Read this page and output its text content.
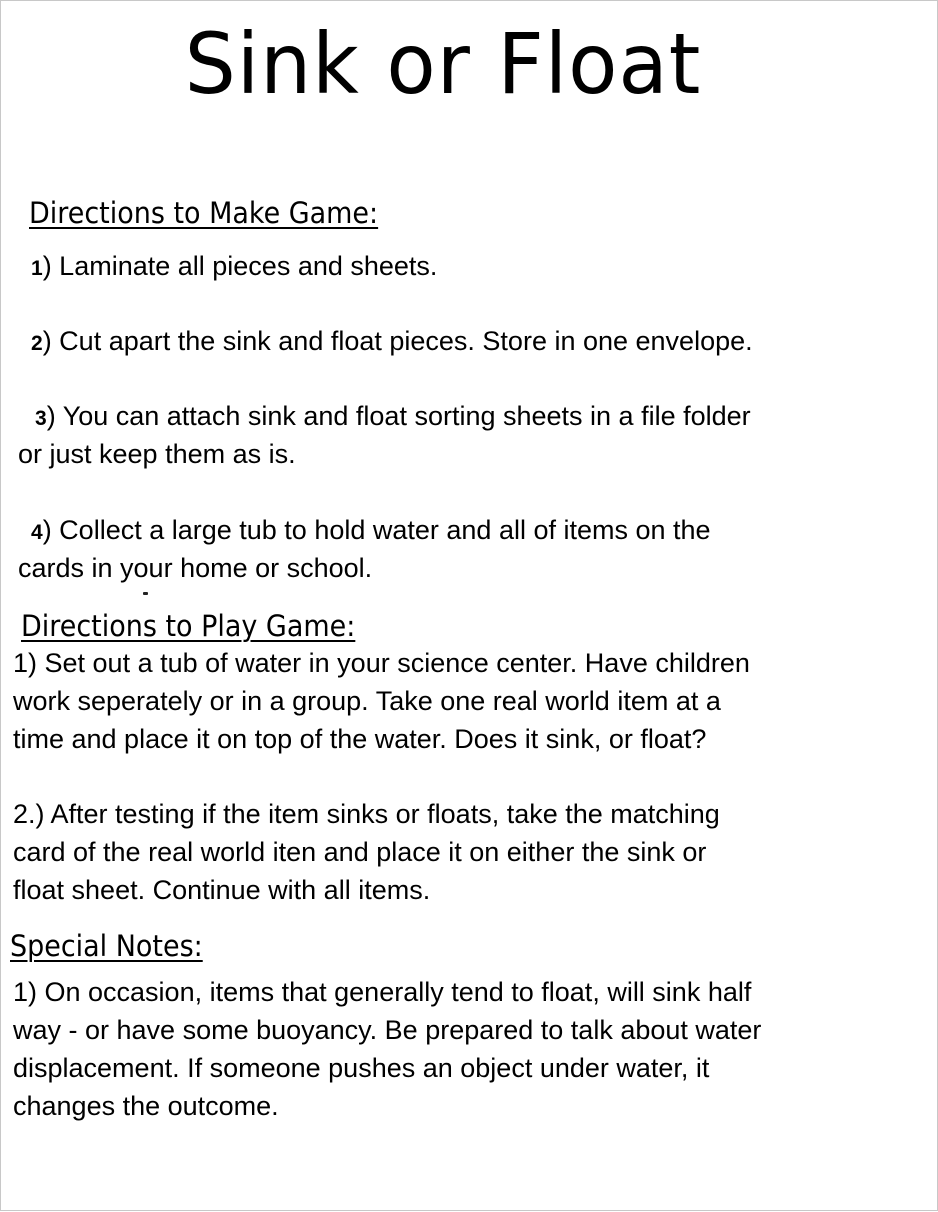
Sink or Float
Directions to Make Game:
1) Laminate all pieces and sheets.
2) Cut apart the sink and float pieces. Store in one envelope.
3) You can attach sink and float sorting sheets in a file folder
or just keep them as is.
4) Collect a large tub to hold water and all of items on the
cards in your home or school.
Directions to Play Game:
1) Set out a tub of water in your science center. Have children
work seperately or in a group. Take one real world item at a
time and place it on top of the water. Does it sink, or float?
2.) After testing if the item sinks or floats, take the matching
card of the real world iten and place it on either the sink or
float sheet. Continue with all items.
Special Notes:
1) On occasion, items that generally tend to float, will sink half
way - or have some buoyancy. Be prepared to talk about water
displacement. If someone pushes an object under water, it
changes the outcome.
